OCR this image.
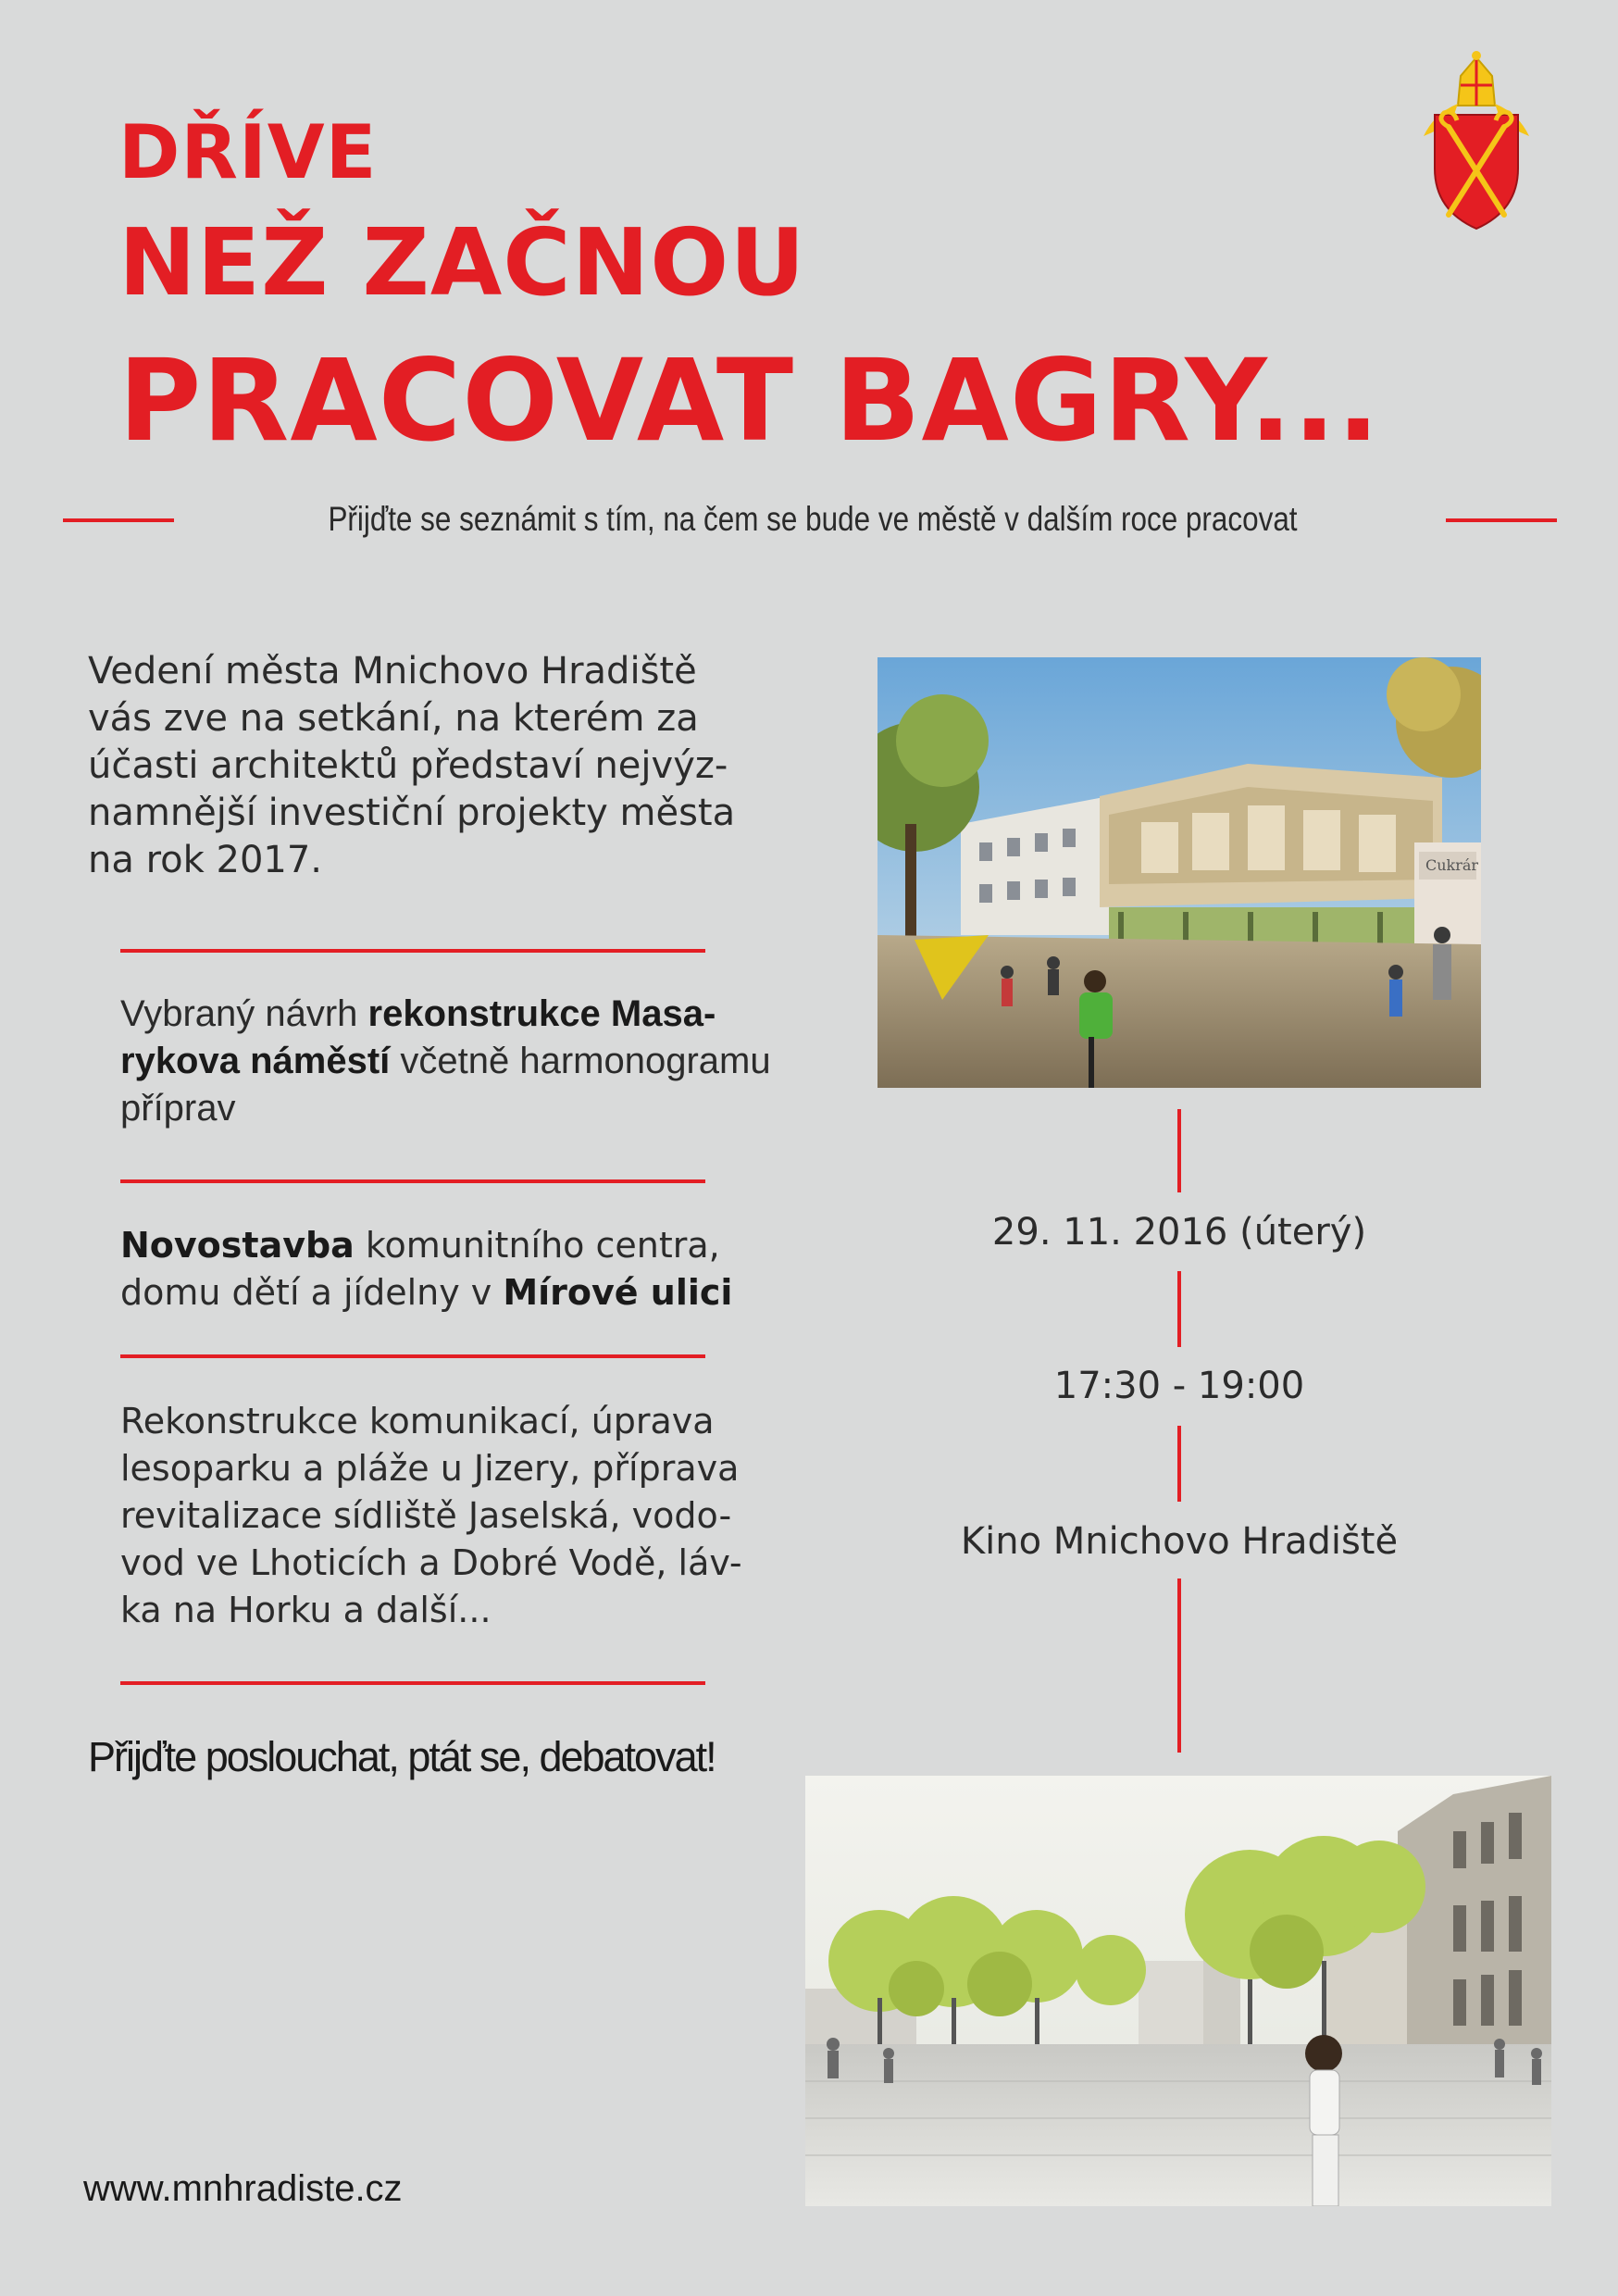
DŘÍVE
NEŽ ZAČNOU
PRACOVAT BAGRY...
Přijďte se seznámit s tím, na čem se bude ve městě v dalším roce pracovat
Vedení města Mnichovo Hradiště
vás zve na setkání, na kterém za
účasti architektů představí nejvýz-
namnější investiční projekty města
na rok 2017.
Vybraný návrh rekonstrukce Masa-
rykova náměstí včetně harmonogramu
příprav
Novostavba komunitního centra,
domu dětí a jídelny v Mírové ulici
Rekonstrukce komunikací, úprava
lesoparku a pláže u Jizery, příprava
revitalizace sídliště Jaselská, vodo-
vod ve Lhoticích a Dobré Vodě, láv-
ka na Horku a další...
Přijďte poslouchat, ptát se, debatovat!
www.mnhradiste.cz
Cukrár
29. 11. 2016 (úterý)
17:30 - 19:00
Kino Mnichovo Hradiště
